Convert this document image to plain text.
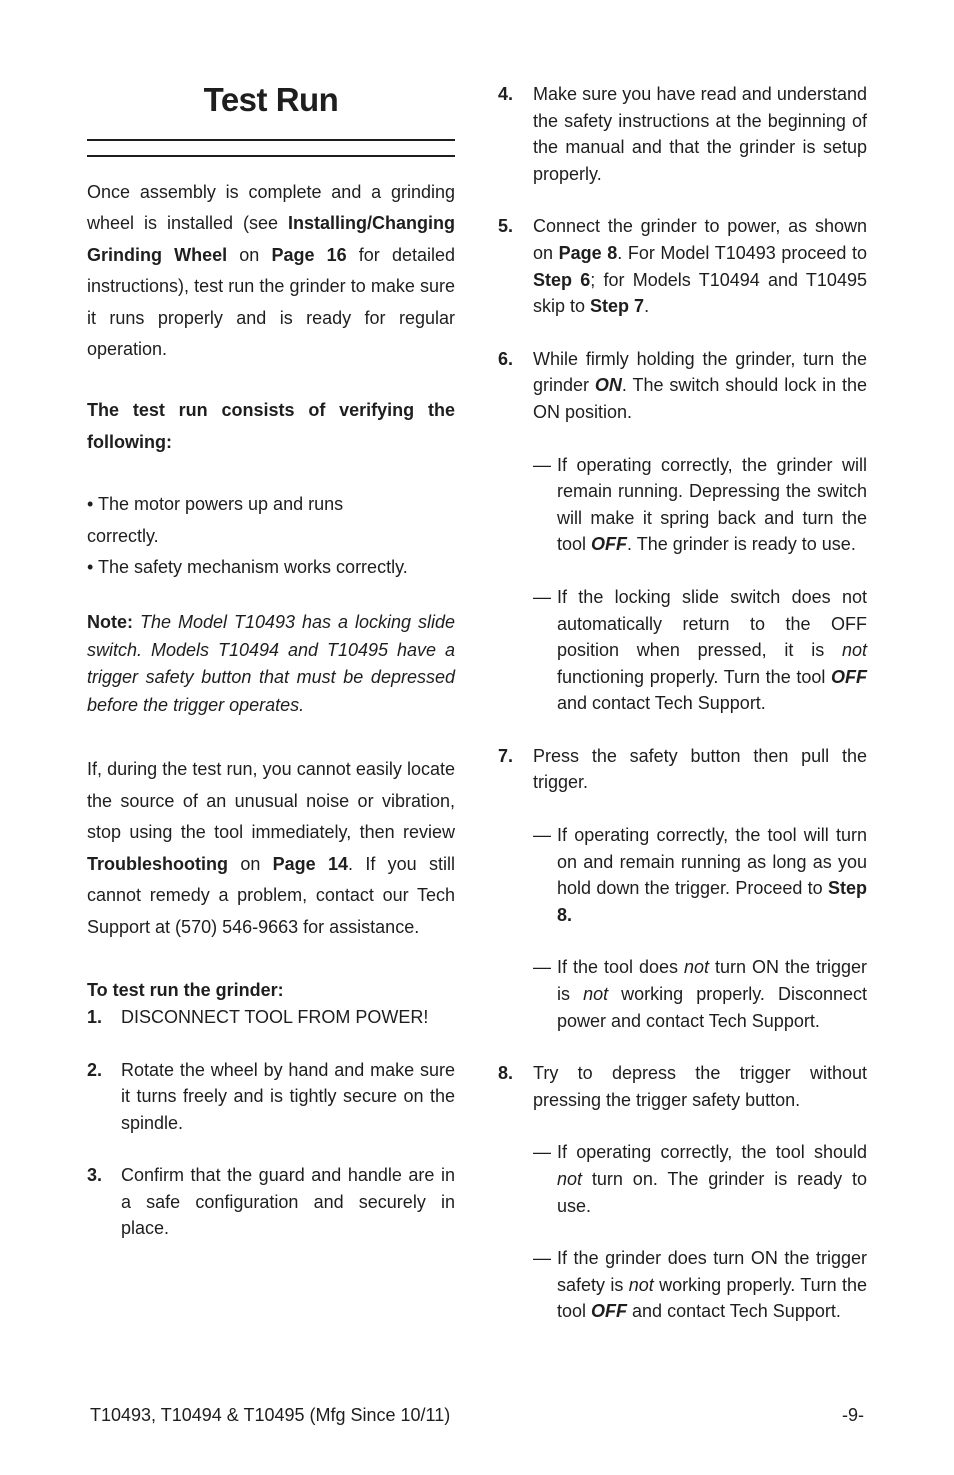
Test Run

Once assembly is complete and a grinding wheel is installed (see Installing/Changing Grinding Wheel on Page 16 for detailed instructions), test run the grinder to make sure it runs properly and is ready for regular operation.

The test run consists of verifying the following:

• The motor powers up and runs

correctly.

• The safety mechanism works correctly.

Note: The Model T10493 has a locking slide switch. Models T10494 and T10495 have a trigger safety button that must be depressed before the trigger operates.

If, during the test run, you cannot easily locate the source of an unusual noise or vibration, stop using the tool immediately, then review Troubleshooting on Page 14. If you still cannot remedy a problem, contact our Tech Support at (570) 546-9663 for assistance.

To test run the grinder:
1.	DISCONNECT TOOL FROM POWER!
2.	Rotate the wheel by hand and make sure it turns freely and is tightly secure on the spindle.
3.	Confirm that the guard and handle are in a safe configuration and securely in place.
4.	Make sure you have read and understand the safety instructions at the beginning of the manual and that the grinder is setup properly.
5.	Connect the grinder to power, as shown on Page 8. For Model T10493 proceed to Step 6; for Models T10494 and T10495 skip to Step 7.
6.	While firmly holding the grinder, turn the grinder ON. The switch should lock in the ON position.
— If operating correctly, the grinder will remain running. Depressing the switch will make it spring back and turn the tool OFF. The grinder is ready to use.
— If the locking slide switch does not automatically return to the OFF position when pressed, it is not functioning properly. Turn the tool OFF and contact Tech Support.
7.	Press the safety button then pull the trigger.
— If operating correctly, the tool will turn on and remain running as long as you hold down the trigger. Proceed to Step 8.
— If the tool does not turn ON the trigger is not working properly. Disconnect power and contact Tech Support.
8.	Try to depress the trigger without pressing the trigger safety button.
— If operating correctly, the tool should not turn on. The grinder is ready to use.
— If the grinder does turn ON the trigger safety is not working properly. Turn the tool OFF and contact Tech Support.
T10493, T10494 & T10495 (Mfg Since 10/11)	-9-
